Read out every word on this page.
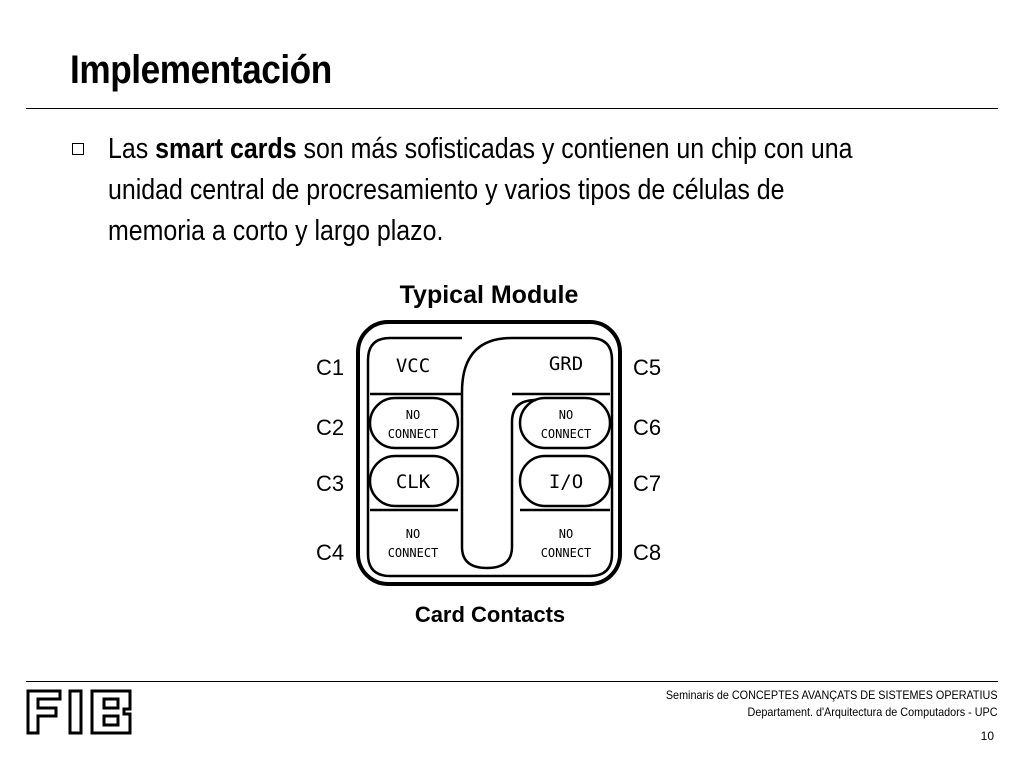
Implementación
Las smart cards son más sofisticadas y contienen un chip con una unidad central de procresamiento y varios tipos de células de memoria a corto y largo plazo.
Typical Module
VCC
NO
CONNECT
CLK
NO
CONNECT
GRD
NO
CONNECT
I/O
NO
CONNECT
C1
C2
C3
C4
C5
C6
C7
C8
Card Contacts
Seminaris de CONCEPTES AVANÇATS DE SISTEMES OPERATIUS
Departament. d'Arquitectura de Computadors - UPC
10
